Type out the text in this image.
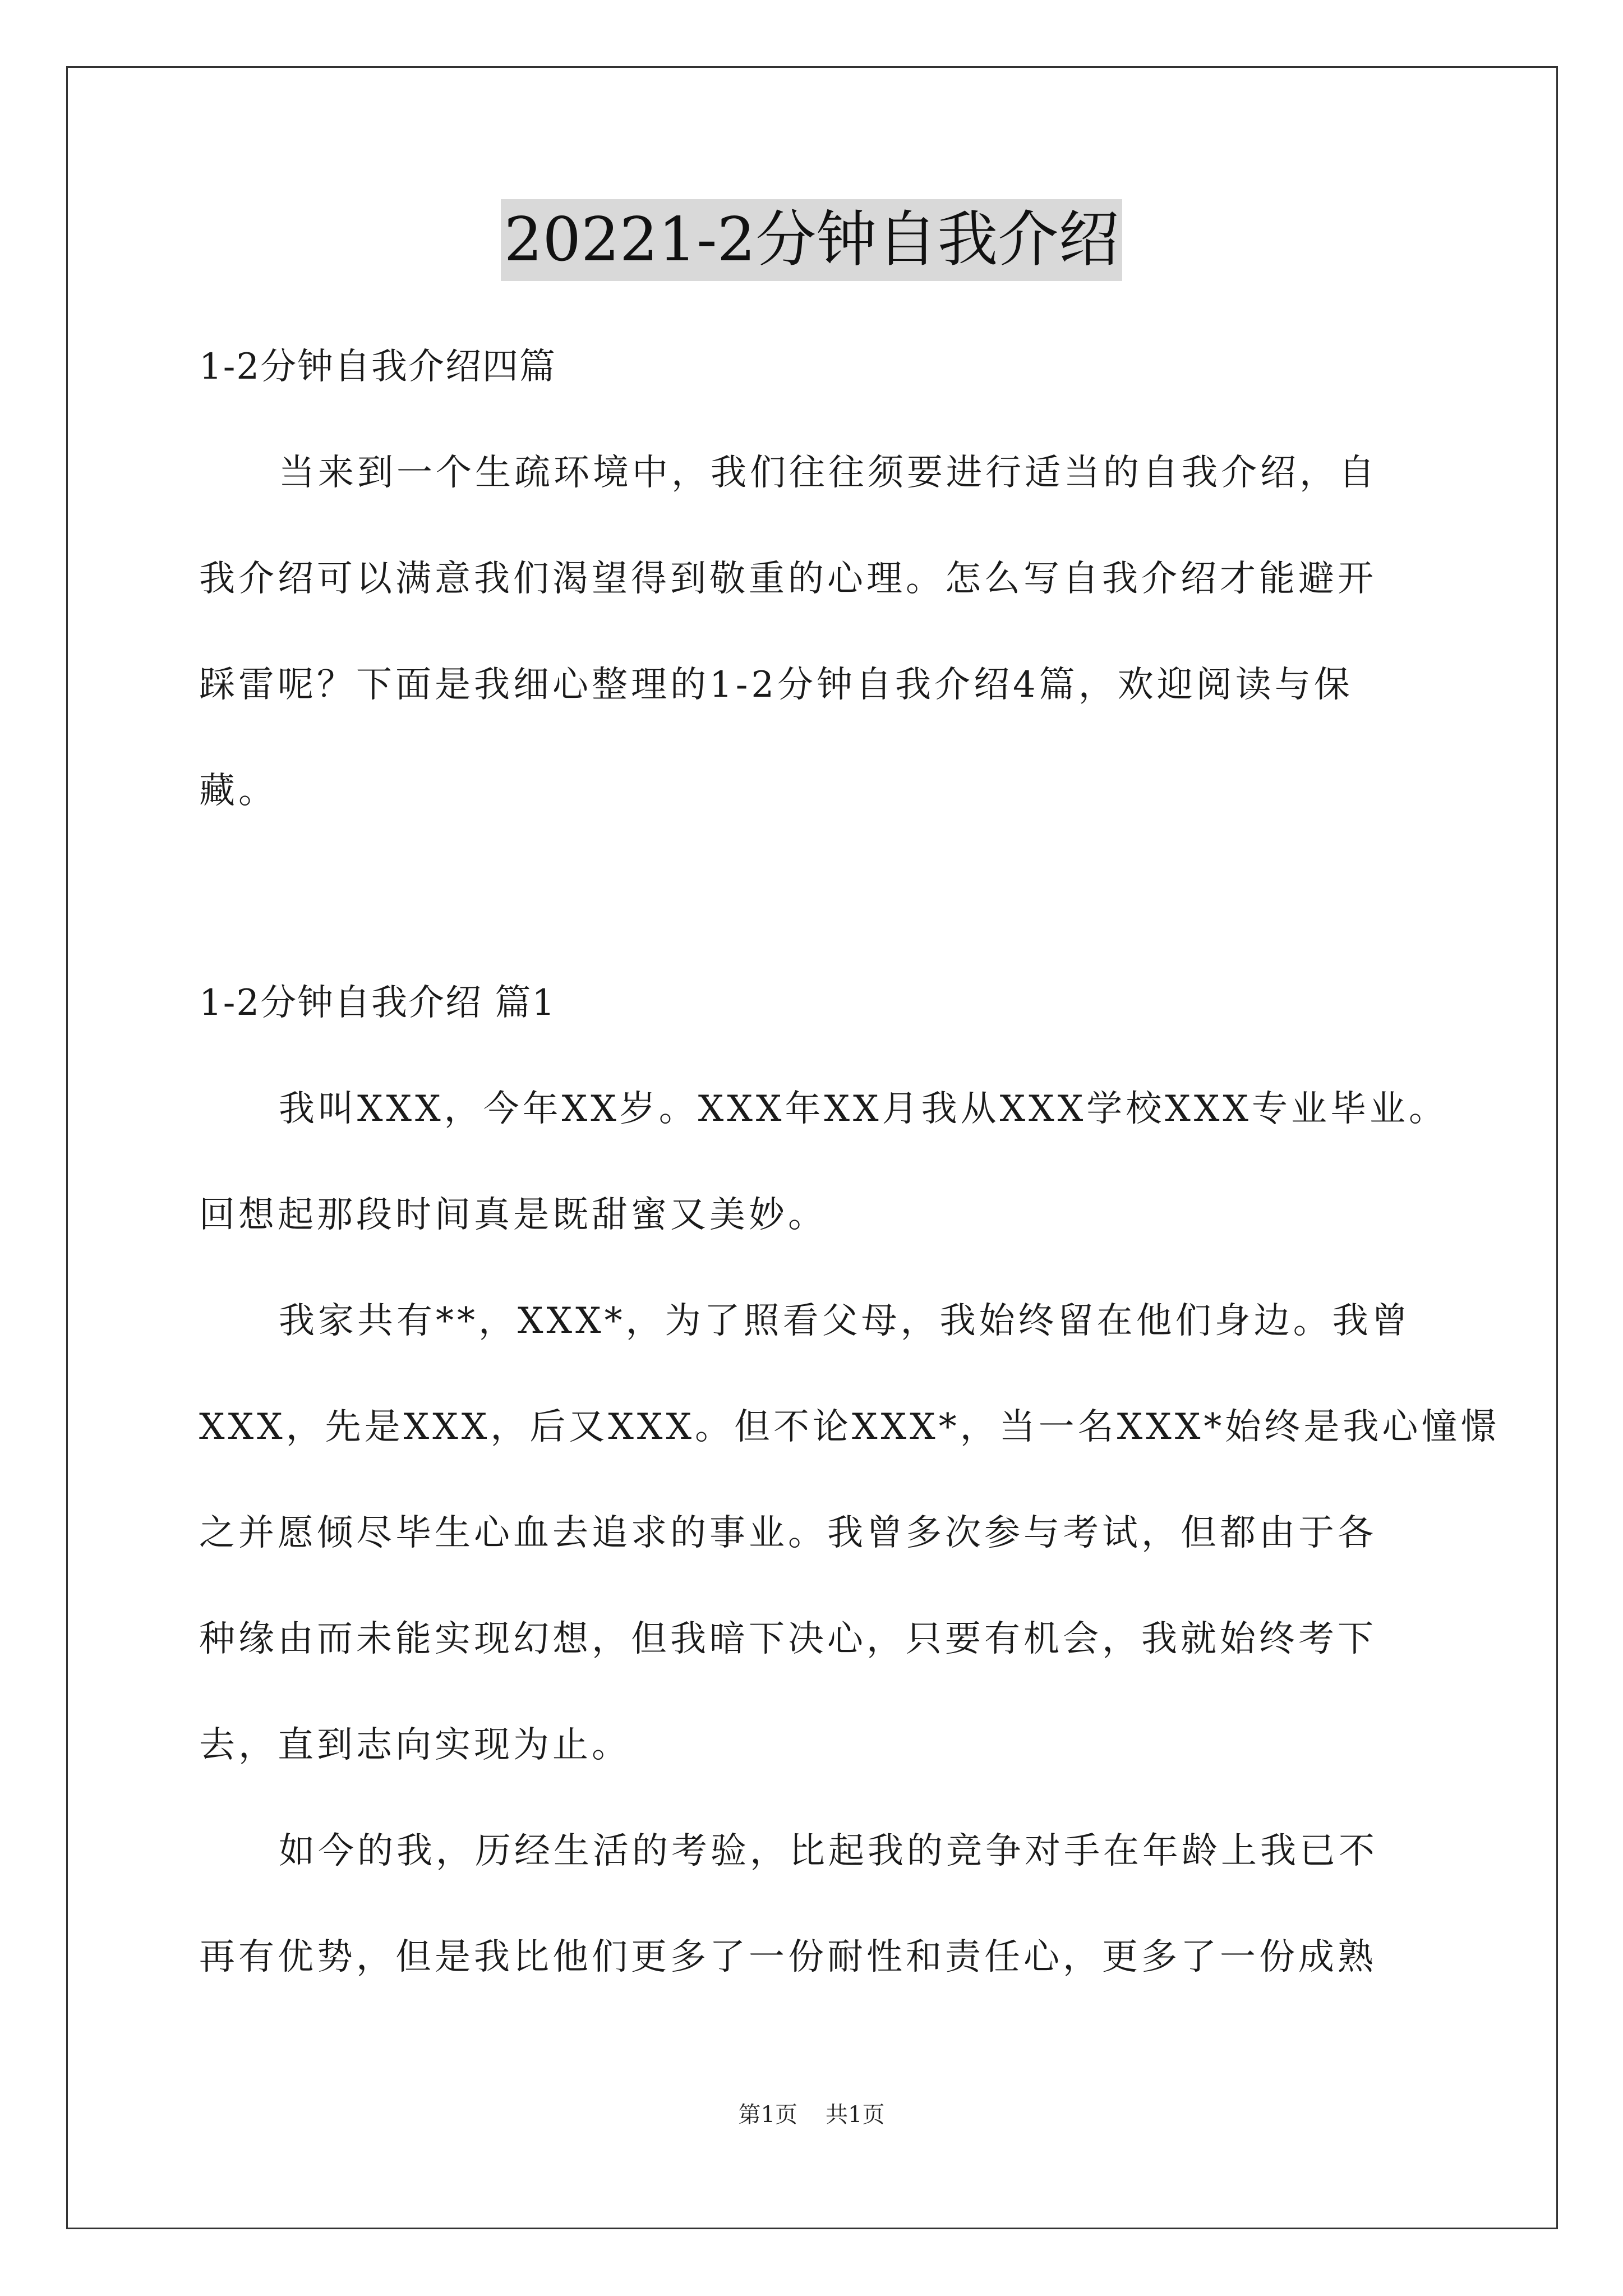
20221-2分钟自我介绍
1-2分钟自我介绍四篇
当来到一个生疏环境中，我们往往须要进行适当的自我介绍，自
我介绍可以满意我们渴望得到敬重的心理。怎么写自我介绍才能避开
踩雷呢？下面是我细心整理的1-2分钟自我介绍4篇，欢迎阅读与保
藏。
1-2分钟自我介绍 篇1
我叫XXX，今年XX岁。XXX年XX月我从XXX学校XXX专业毕业。
回想起那段时间真是既甜蜜又美妙。
我家共有**，XXX*，为了照看父母，我始终留在他们身边。我曾
XXX，先是XXX，后又XXX。但不论XXX*，当一名XXX*始终是我心憧憬
之并愿倾尽毕生心血去追求的事业。我曾多次参与考试，但都由于各
种缘由而未能实现幻想，但我暗下决心，只要有机会，我就始终考下
去，直到志向实现为止。
如今的我，历经生活的考验，比起我的竞争对手在年龄上我已不
再有优势，但是我比他们更多了一份耐性和责任心，更多了一份成熟
第1页 共1页
